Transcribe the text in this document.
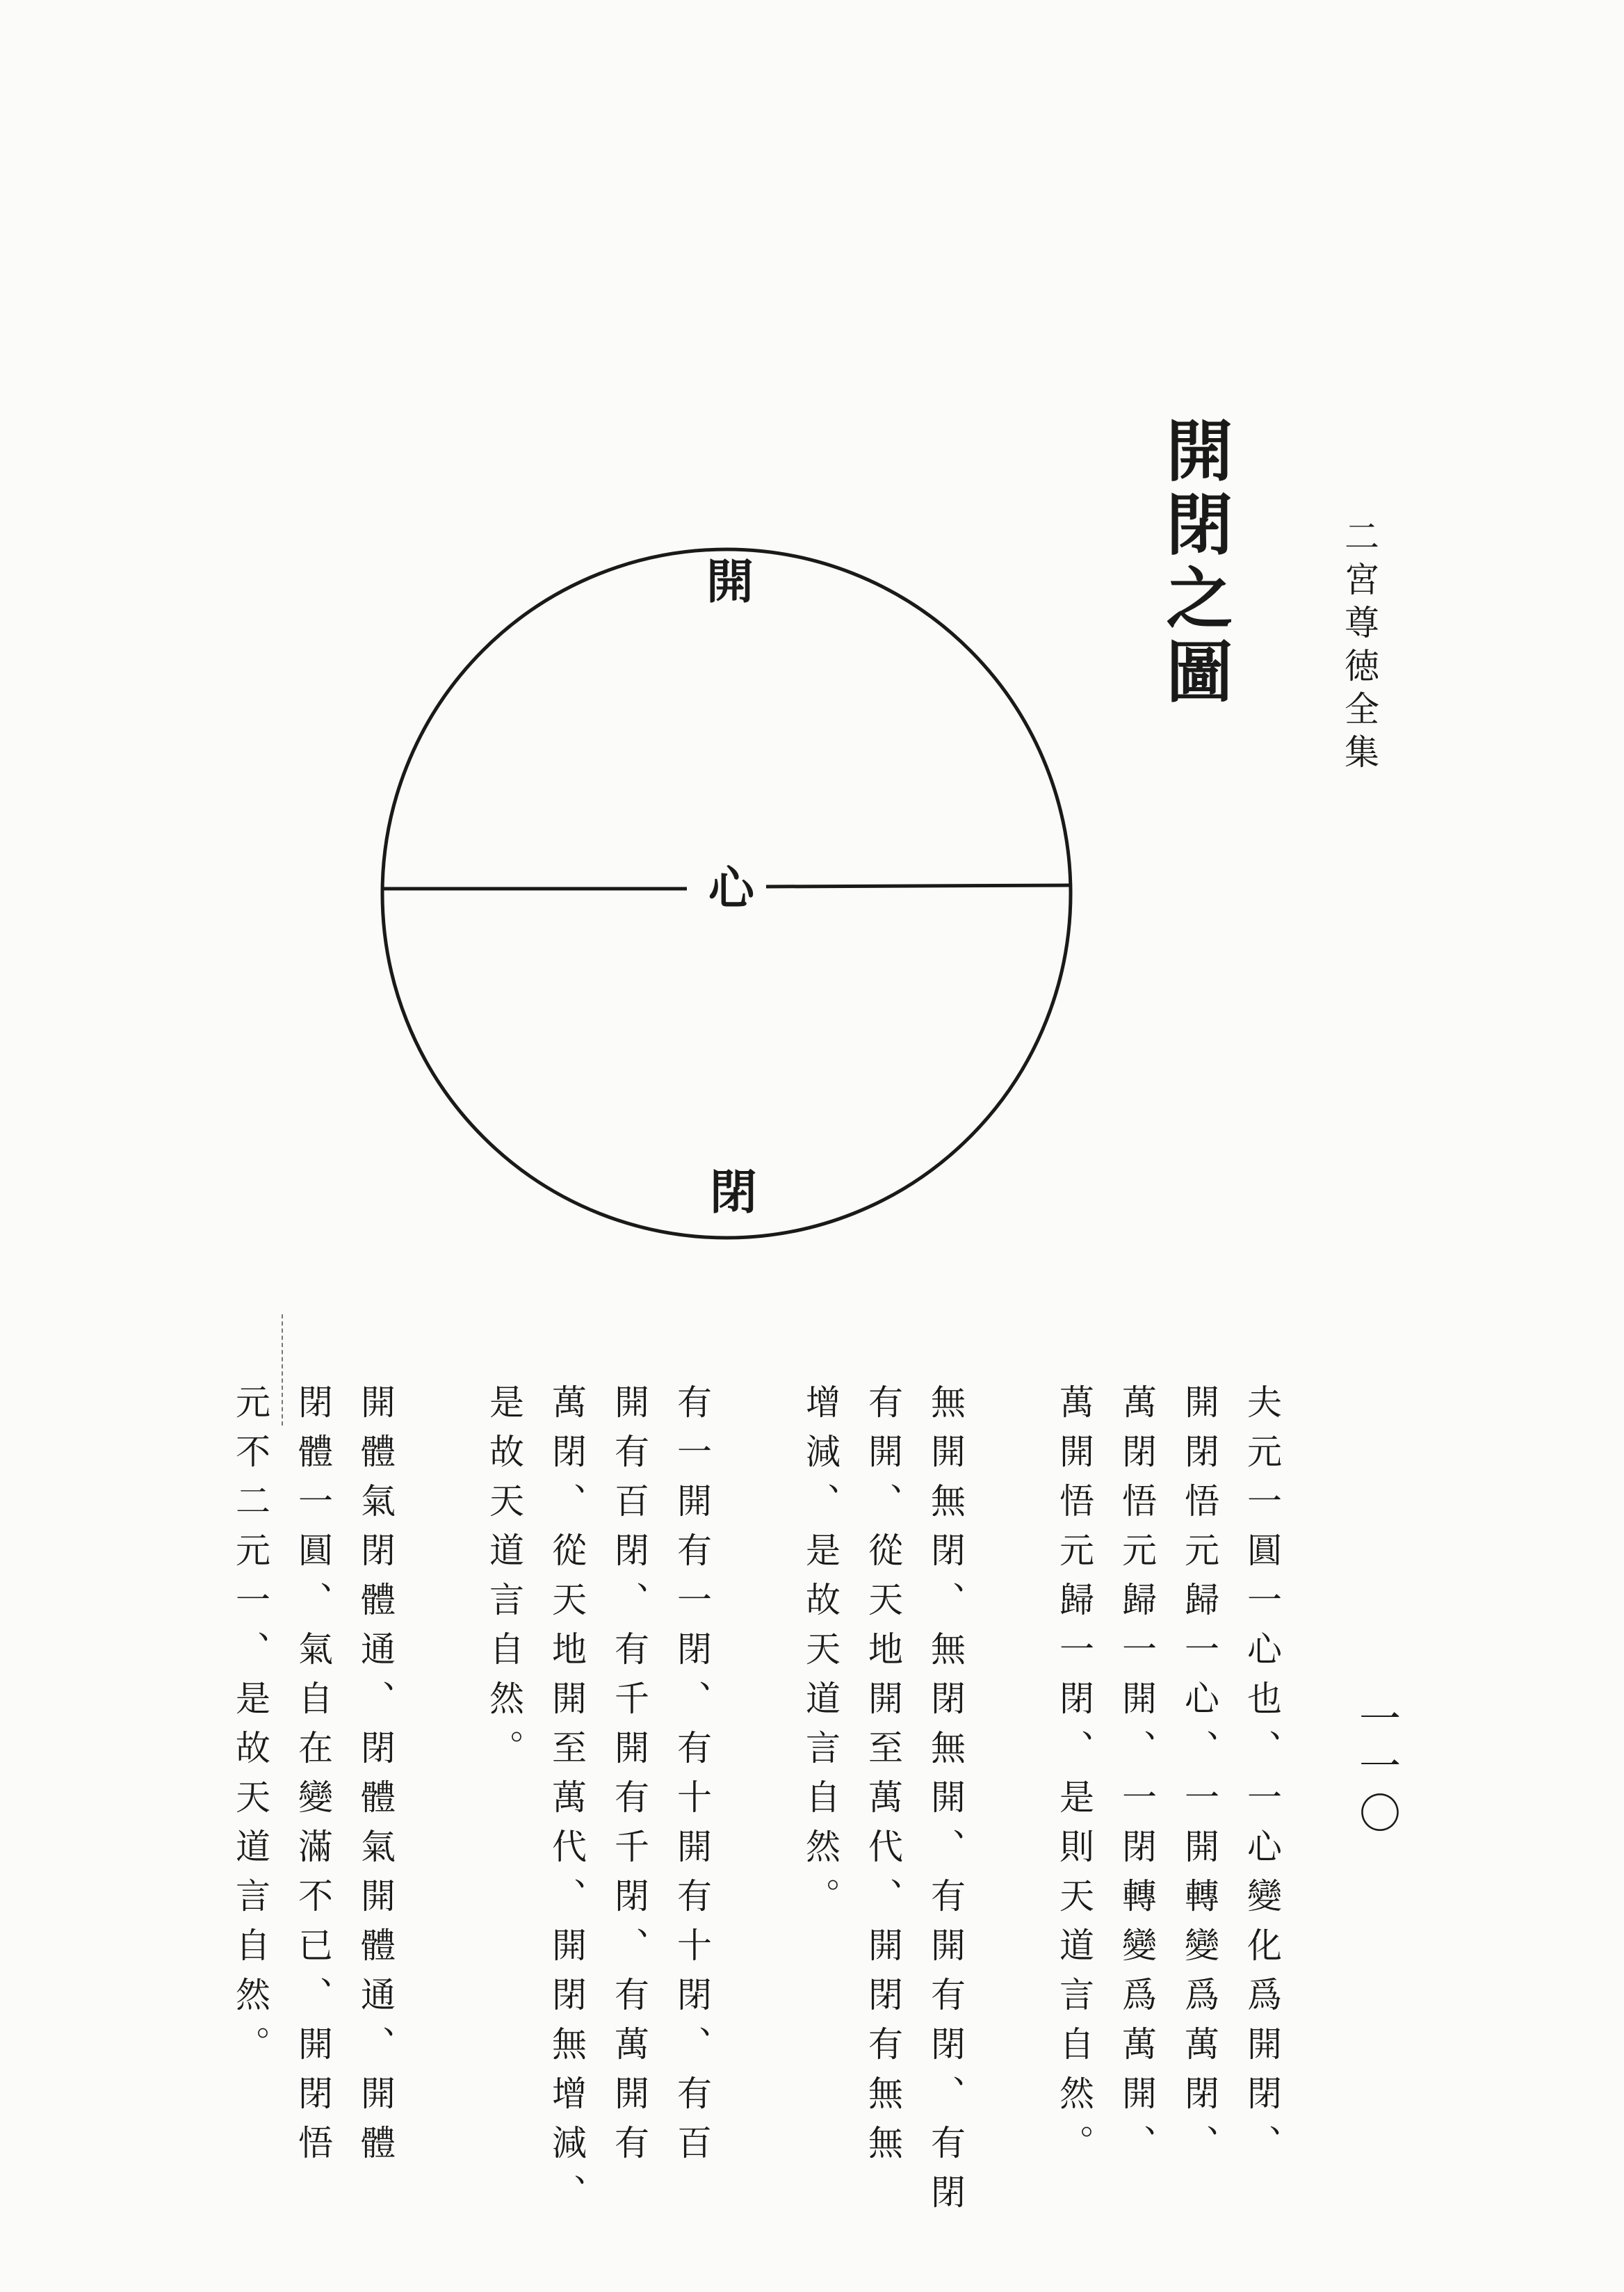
二宮尊徳全集
一一〇
開閉之圖
開
心
閉
夫元一圓一心也、一心變化爲開閉、
開閉悟元歸一心、一開轉變爲萬閉、
萬閉悟元歸一開、一閉轉變爲萬開、
萬開悟元歸一閉、是則天道言自然。
無開無閉、無閉無開、有開有閉、有閉
有開、從天地開至萬代、開閉有無無
增減、是故天道言自然。
有一開有一閉、有十開有十閉、有百
開有百閉、有千開有千閉、有萬開有
萬閉、從天地開至萬代、開閉無增減、
是故天道言自然。
開體氣閉體通、閉體氣開體通、開體
閉體一圓、氣自在變滿不已、開閉悟
元不二元一、是故天道言自然。
